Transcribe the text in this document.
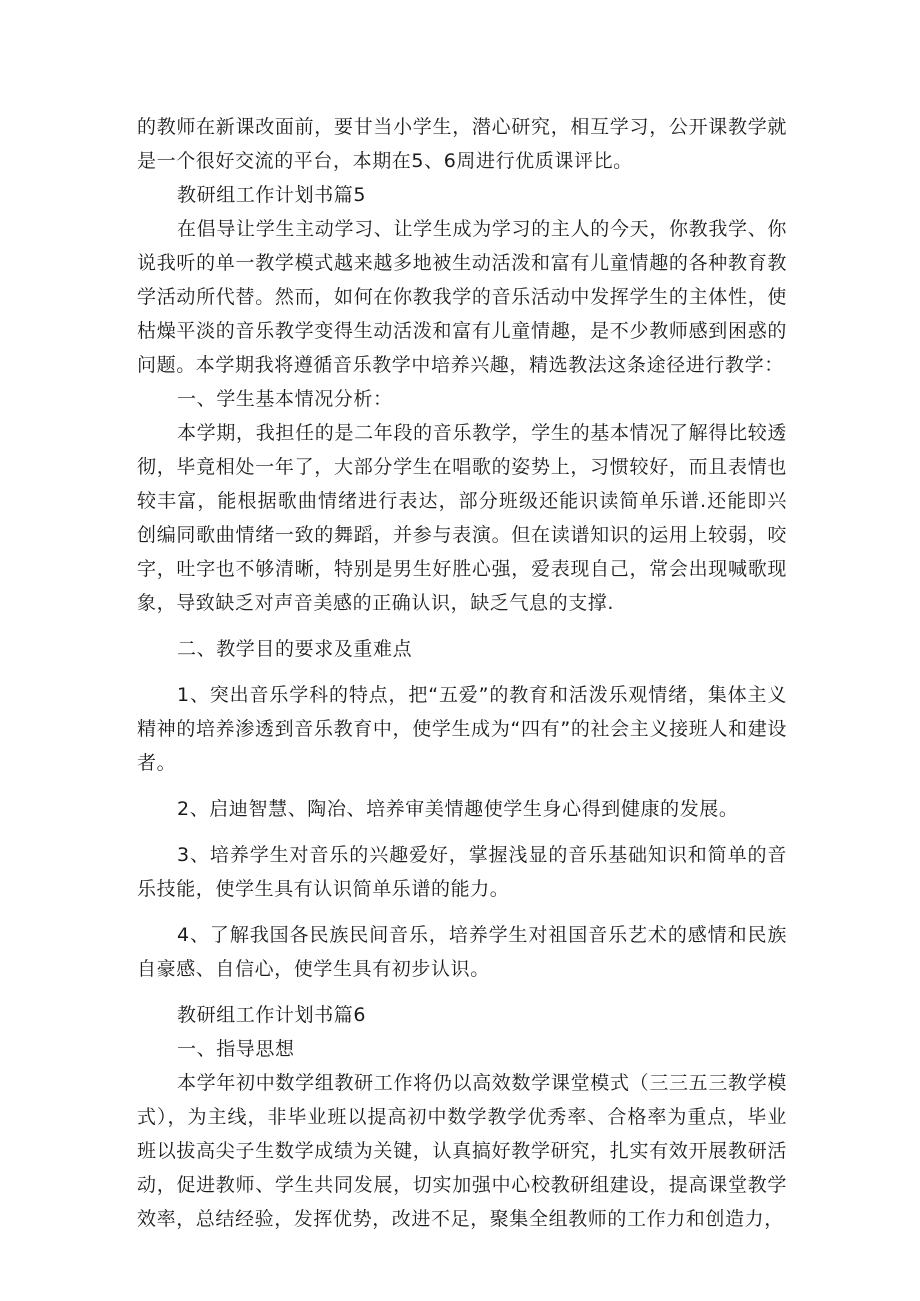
的教师在新课改面前，要甘当小学生，潜心研究，相互学习，公开课教学就是一个很好交流的平台，本期在5、6周进行优质课评比。

教研组工作计划书篇5

在倡导让学生主动学习、让学生成为学习的主人的今天，你教我学、你说我听的单一教学模式越来越多地被生动活泼和富有儿童情趣的各种教育教学活动所代替。然而，如何在你教我学的音乐活动中发挥学生的主体性，使枯燥平淡的音乐教学变得生动活泼和富有儿童情趣，是不少教师感到困惑的问题。本学期我将遵循音乐教学中培养兴趣，精选教法这条途径进行教学：

一、学生基本情况分析：

本学期，我担任的是二年段的音乐教学，学生的基本情况了解得比较透彻，毕竟相处一年了，大部分学生在唱歌的姿势上，习惯较好，而且表情也较丰富，能根据歌曲情绪进行表达，部分班级还能识读简单乐谱.还能即兴创编同歌曲情绪一致的舞蹈，并参与表演。但在读谱知识的运用上较弱，咬字，吐字也不够清晰，特别是男生好胜心强，爱表现自己，常会出现喊歌现象，导致缺乏对声音美感的正确认识，缺乏气息的支撑.

二、教学目的要求及重难点

1、突出音乐学科的特点，把“五爱”的教育和活泼乐观情绪，集体主义精神的培养渗透到音乐教育中，使学生成为“四有”的社会主义接班人和建设者。

2、启迪智慧、陶冶、培养审美情趣使学生身心得到健康的发展。

3、培养学生对音乐的兴趣爱好，掌握浅显的音乐基础知识和简单的音乐技能，使学生具有认识简单乐谱的能力。

4、了解我国各民族民间音乐，培养学生对祖国音乐艺术的感情和民族自豪感、自信心，使学生具有初步认识。

教研组工作计划书篇6

一、指导思想

本学年初中数学组教研工作将仍以高效数学课堂模式（三三五三教学模式），为主线，非毕业班以提高初中数学教学优秀率、合格率为重点，毕业班以拔高尖子生数学成绩为关键，认真搞好教学研究，扎实有效开展教研活动，促进教师、学生共同发展，切实加强中心校教研组建设，提高课堂教学效率，总结经验，发挥优势，改进不足，聚集全组教师的工作力和创造力，
